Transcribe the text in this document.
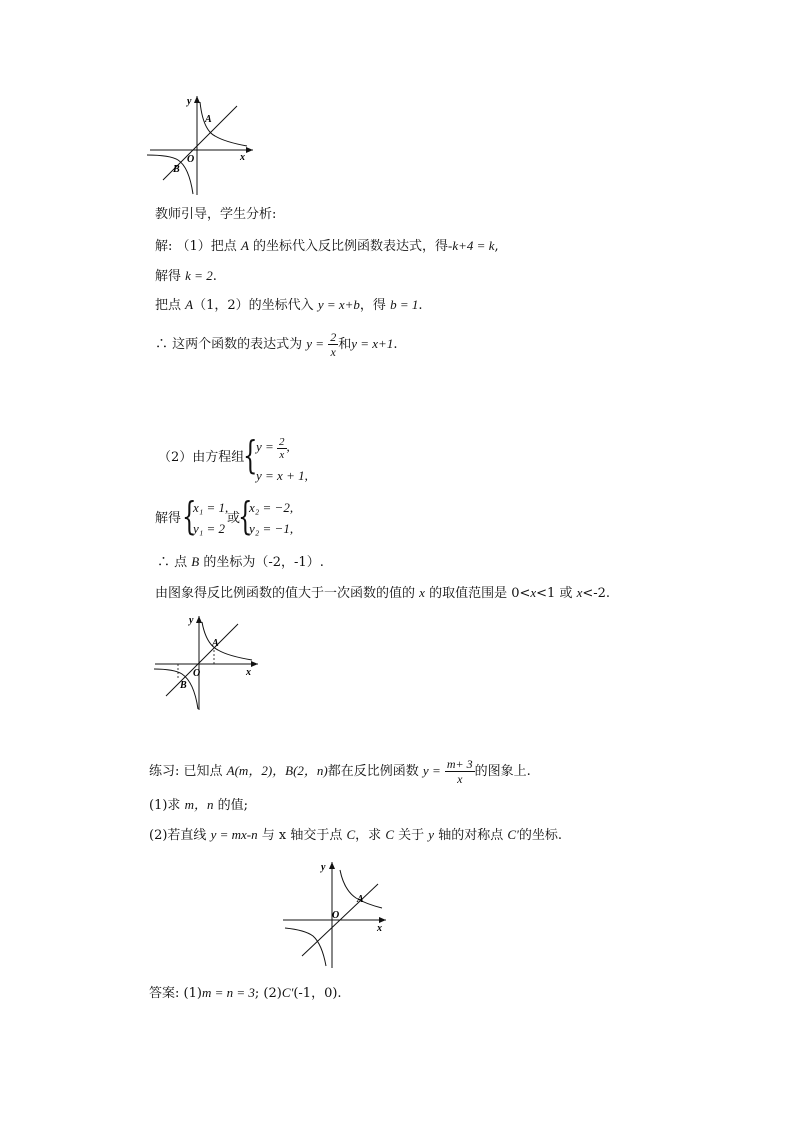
y
x
O
A
B
教师引导，学生分析:
解: （1）把点 A 的坐标代入反比例函数表达式，得-k+4 = k,
解得 k = 2.
把点 A（1，2）的坐标代入 y = x+b，得 b = 1.
∴ 这两个函数的表达式为 $y = \frac{2}{x}$ 和y = x+1.
（2）由方程组
{
$y = \frac{2}{x}$ ,
y = x + 1,
解得 {
x₁ = 1,
y₁ = 2
或
{
x₂ = −2,
y₂ = −1,
∴ 点 B 的坐标为（-2，-1）.
由图象得反比例函数的值大于一次函数的值的 x 的取值范围是 0<x<1 或 x<-2.
y
x
O
A
B
练习: 已知点 A(m，2)，B(2，n)都在反比例函数 $y = \frac{m+ 3}{x}$ 的图象上.
(1)求 m，n 的值;
(2)若直线 y = mx-n 与 x 轴交于点 C，求 C 关于 y 轴的对称点 C′的坐标.
y
x
O
A
答案: (1)m = n = 3; (2)C′(-1，0).
